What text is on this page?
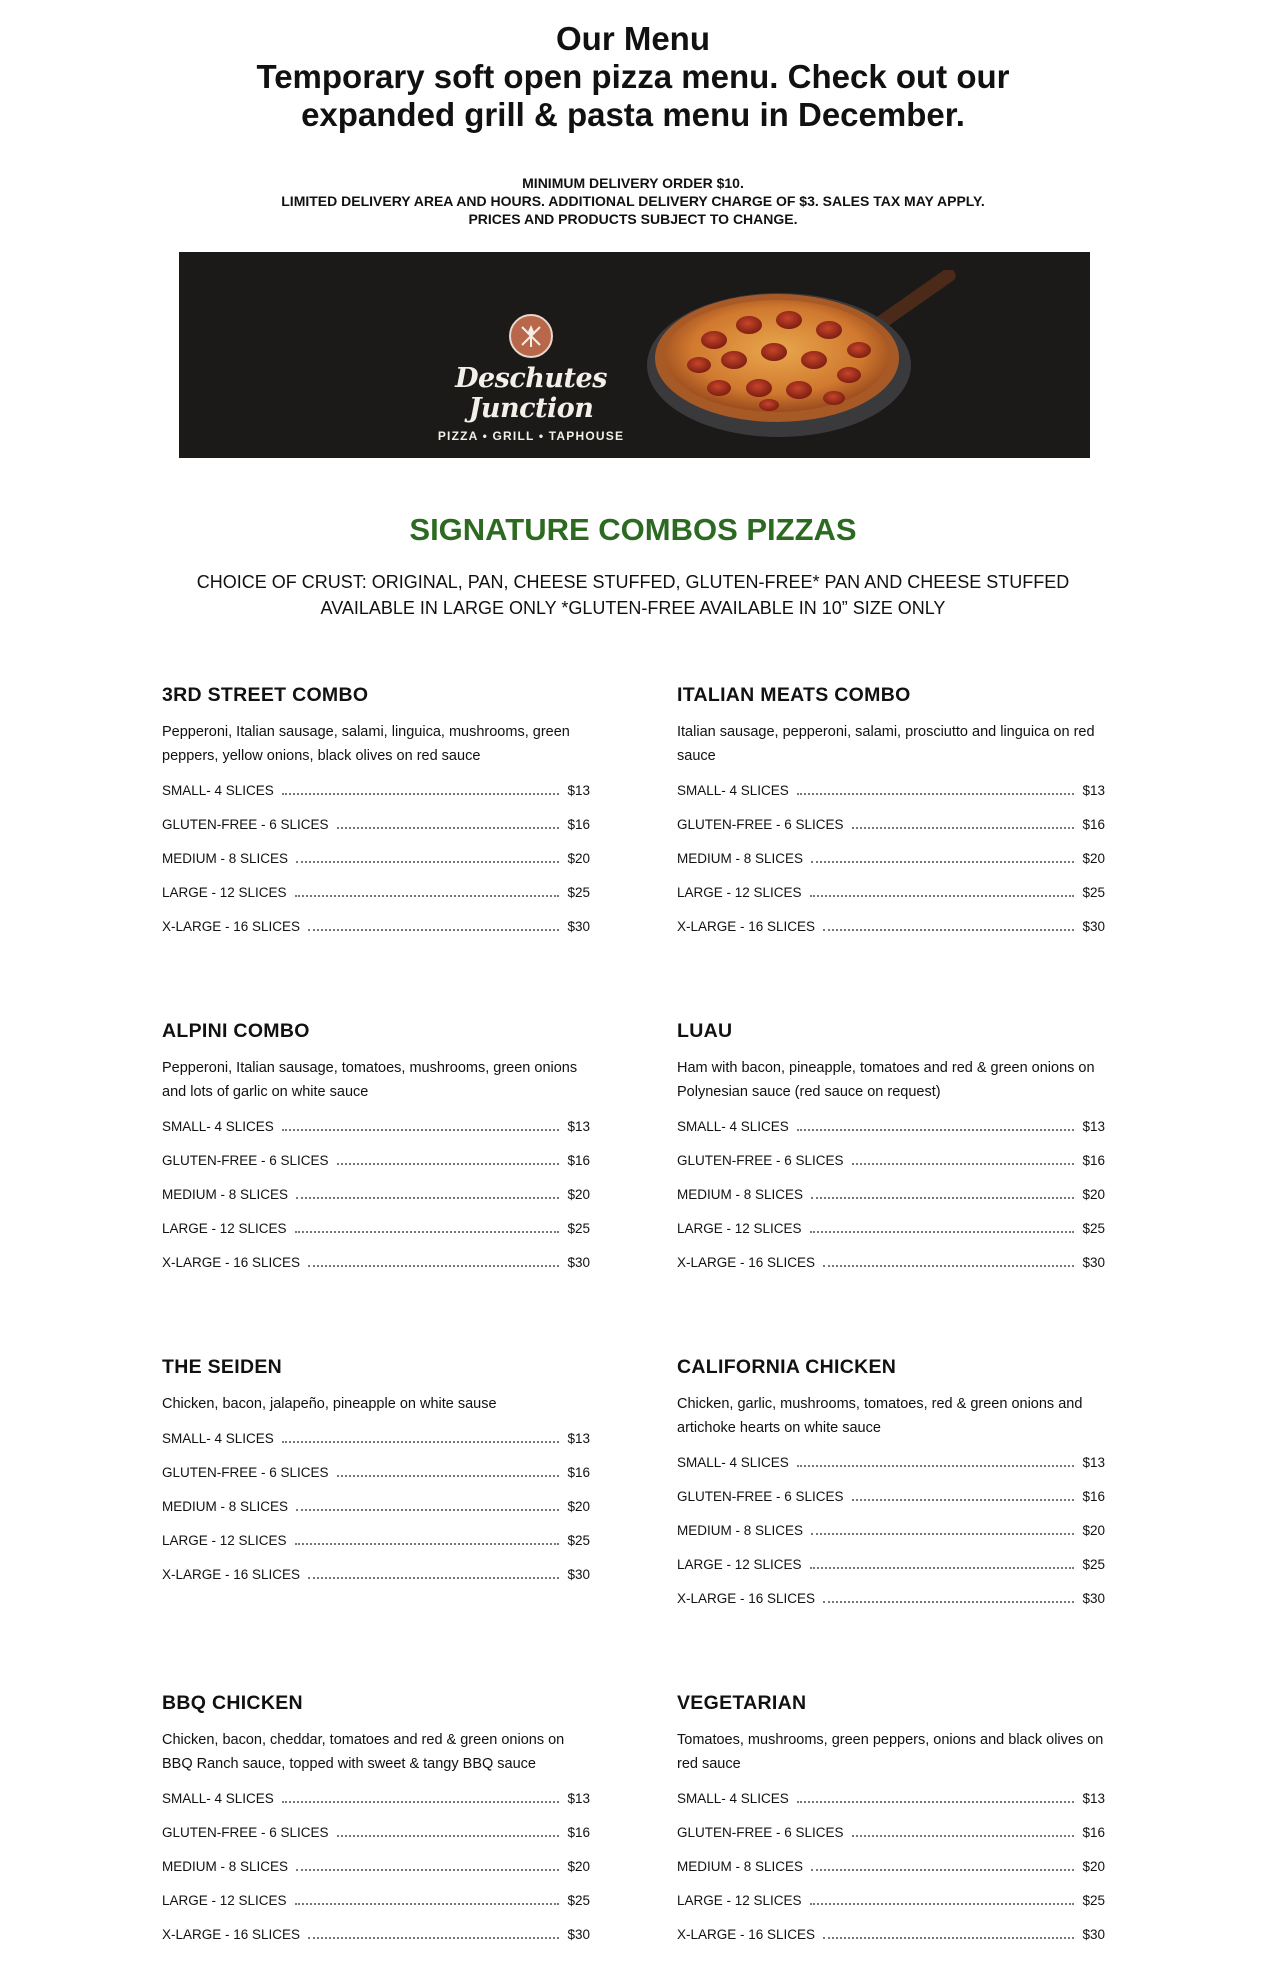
Our Menu
Temporary soft open pizza menu. Check out our expanded grill & pasta menu in December.
MINIMUM DELIVERY ORDER $10.
LIMITED DELIVERY AREA AND HOURS. ADDITIONAL DELIVERY CHARGE OF $3. SALES TAX MAY APPLY.
PRICES AND PRODUCTS SUBJECT TO CHANGE.
Deschutes Junction
PIZZA • GRILL • TAPHOUSE
SIGNATURE COMBOS PIZZAS
CHOICE OF CRUST: ORIGINAL, PAN, CHEESE STUFFED, GLUTEN-FREE* PAN AND CHEESE STUFFED
AVAILABLE IN LARGE ONLY *GLUTEN-FREE AVAILABLE IN 10” SIZE ONLY
3RD STREET COMBO
Pepperoni, Italian sausage, salami, linguica, mushrooms, green peppers, yellow onions, black olives on red sauce
SMALL- 4 SLICES	$13
GLUTEN-FREE - 6 SLICES	$16
MEDIUM - 8 SLICES	$20
LARGE - 12 SLICES	$25
X-LARGE - 16 SLICES	$30
ITALIAN MEATS COMBO
Italian sausage, pepperoni, salami, prosciutto and linguica on red sauce
SMALL- 4 SLICES	$13
GLUTEN-FREE - 6 SLICES	$16
MEDIUM - 8 SLICES	$20
LARGE - 12 SLICES	$25
X-LARGE - 16 SLICES	$30
ALPINI COMBO
Pepperoni, Italian sausage, tomatoes, mushrooms, green onions and lots of garlic on white sauce
SMALL- 4 SLICES	$13
GLUTEN-FREE - 6 SLICES	$16
MEDIUM - 8 SLICES	$20
LARGE - 12 SLICES	$25
X-LARGE - 16 SLICES	$30
LUAU
Ham with bacon, pineapple, tomatoes and red & green onions on Polynesian sauce (red sauce on request)
SMALL- 4 SLICES	$13
GLUTEN-FREE - 6 SLICES	$16
MEDIUM - 8 SLICES	$20
LARGE - 12 SLICES	$25
X-LARGE - 16 SLICES	$30
THE SEIDEN
Chicken, bacon, jalapeño, pineapple on white sause
SMALL- 4 SLICES	$13
GLUTEN-FREE - 6 SLICES	$16
MEDIUM - 8 SLICES	$20
LARGE - 12 SLICES	$25
X-LARGE - 16 SLICES	$30
CALIFORNIA CHICKEN
Chicken, garlic, mushrooms, tomatoes, red & green onions and artichoke hearts on white sauce
SMALL- 4 SLICES	$13
GLUTEN-FREE - 6 SLICES	$16
MEDIUM - 8 SLICES	$20
LARGE - 12 SLICES	$25
X-LARGE - 16 SLICES	$30
BBQ CHICKEN
Chicken, bacon, cheddar, tomatoes and red & green onions on BBQ Ranch sauce, topped with sweet & tangy BBQ sauce
SMALL- 4 SLICES	$13
GLUTEN-FREE - 6 SLICES	$16
MEDIUM - 8 SLICES	$20
LARGE - 12 SLICES	$25
X-LARGE - 16 SLICES	$30
VEGETARIAN
Tomatoes, mushrooms, green peppers, onions and black olives on red sauce
SMALL- 4 SLICES	$13
GLUTEN-FREE - 6 SLICES	$16
MEDIUM - 8 SLICES	$20
LARGE - 12 SLICES	$25
X-LARGE - 16 SLICES	$30
